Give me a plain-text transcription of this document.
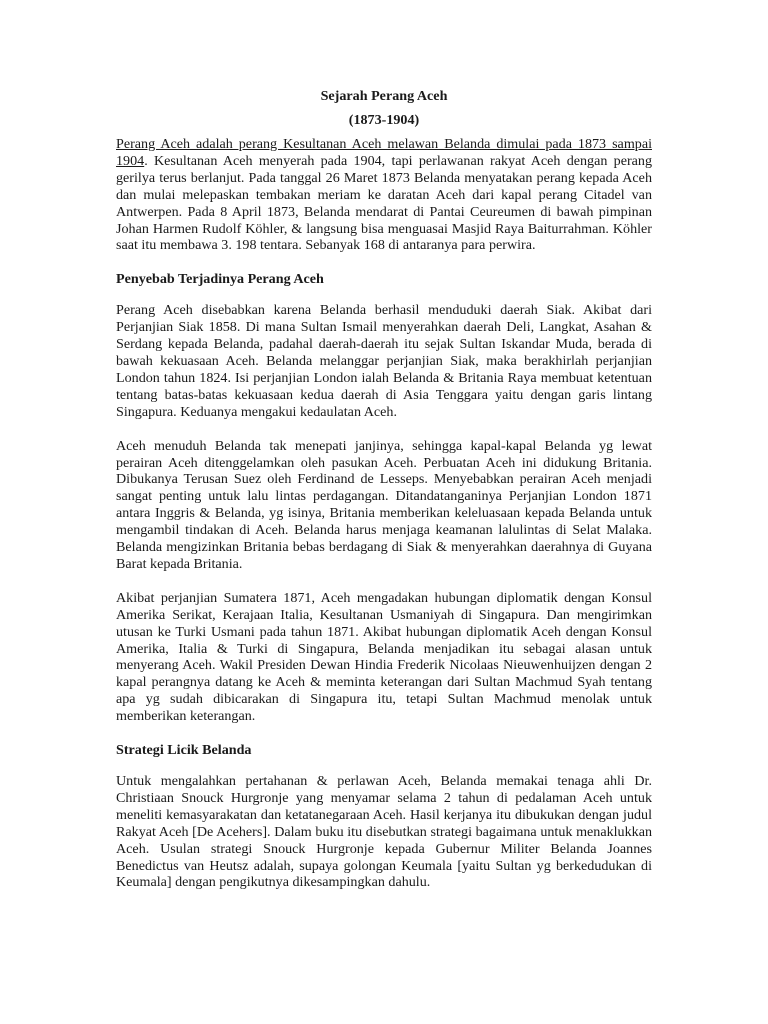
Sejarah Perang Aceh
(1873-1904)

Perang Aceh adalah perang Kesultanan Aceh melawan Belanda dimulai pada 1873 sampai 1904. Kesultanan Aceh menyerah pada 1904, tapi perlawanan rakyat Aceh dengan perang gerilya terus berlanjut. Pada tanggal 26 Maret 1873 Belanda menyatakan perang kepada Aceh dan mulai melepaskan tembakan meriam ke daratan Aceh dari kapal perang Citadel van Antwerpen. Pada 8 April 1873, Belanda mendarat di Pantai Ceureumen di bawah pimpinan Johan Harmen Rudolf Köhler, & langsung bisa menguasai Masjid Raya Baiturrahman. Köhler saat itu membawa 3. 198 tentara. Sebanyak 168 di antaranya para perwira.

Penyebab Terjadinya Perang Aceh

Perang Aceh disebabkan karena Belanda berhasil menduduki daerah Siak. Akibat dari Perjanjian Siak 1858. Di mana Sultan Ismail menyerahkan daerah Deli, Langkat, Asahan & Serdang kepada Belanda, padahal daerah-daerah itu sejak Sultan Iskandar Muda, berada di bawah kekuasaan Aceh. Belanda melanggar perjanjian Siak, maka berakhirlah perjanjian London tahun 1824. Isi perjanjian London ialah Belanda & Britania Raya membuat ketentuan tentang batas-batas kekuasaan kedua daerah di Asia Tenggara yaitu dengan garis lintang Singapura. Keduanya mengakui kedaulatan Aceh.

Aceh menuduh Belanda tak menepati janjinya, sehingga kapal-kapal Belanda yg lewat perairan Aceh ditenggelamkan oleh pasukan Aceh. Perbuatan Aceh ini didukung Britania. Dibukanya Terusan Suez oleh Ferdinand de Lesseps. Menyebabkan perairan Aceh menjadi sangat penting untuk lalu lintas perdagangan. Ditandatanganinya Perjanjian London 1871 antara Inggris & Belanda, yg isinya, Britania memberikan keleluasaan kepada Belanda untuk mengambil tindakan di Aceh. Belanda harus menjaga keamanan lalulintas di Selat Malaka. Belanda mengizinkan Britania bebas berdagang di Siak & menyerahkan daerahnya di Guyana Barat kepada Britania.

Akibat perjanjian Sumatera 1871, Aceh mengadakan hubungan diplomatik dengan Konsul Amerika Serikat, Kerajaan Italia, Kesultanan Usmaniyah di Singapura. Dan mengirimkan utusan ke Turki Usmani pada tahun 1871. Akibat hubungan diplomatik Aceh dengan Konsul Amerika, Italia & Turki di Singapura, Belanda menjadikan itu sebagai alasan untuk menyerang Aceh. Wakil Presiden Dewan Hindia Frederik Nicolaas Nieuwenhuijzen dengan 2 kapal perangnya datang ke Aceh & meminta keterangan dari Sultan Machmud Syah tentang apa yg sudah dibicarakan di Singapura itu, tetapi Sultan Machmud menolak untuk memberikan keterangan.

Strategi Licik Belanda

Untuk mengalahkan pertahanan & perlawan Aceh, Belanda memakai tenaga ahli Dr. Christiaan Snouck Hurgronje yang menyamar selama 2 tahun di pedalaman Aceh untuk meneliti kemasyarakatan dan ketatanegaraan Aceh. Hasil kerjanya itu dibukukan dengan judul Rakyat Aceh [De Acehers]. Dalam buku itu disebutkan strategi bagaimana untuk menaklukkan Aceh. Usulan strategi Snouck Hurgronje kepada Gubernur Militer Belanda Joannes Benedictus van Heutsz adalah, supaya golongan Keumala [yaitu Sultan yg berkedudukan di Keumala] dengan pengikutnya dikesampingkan dahulu.
